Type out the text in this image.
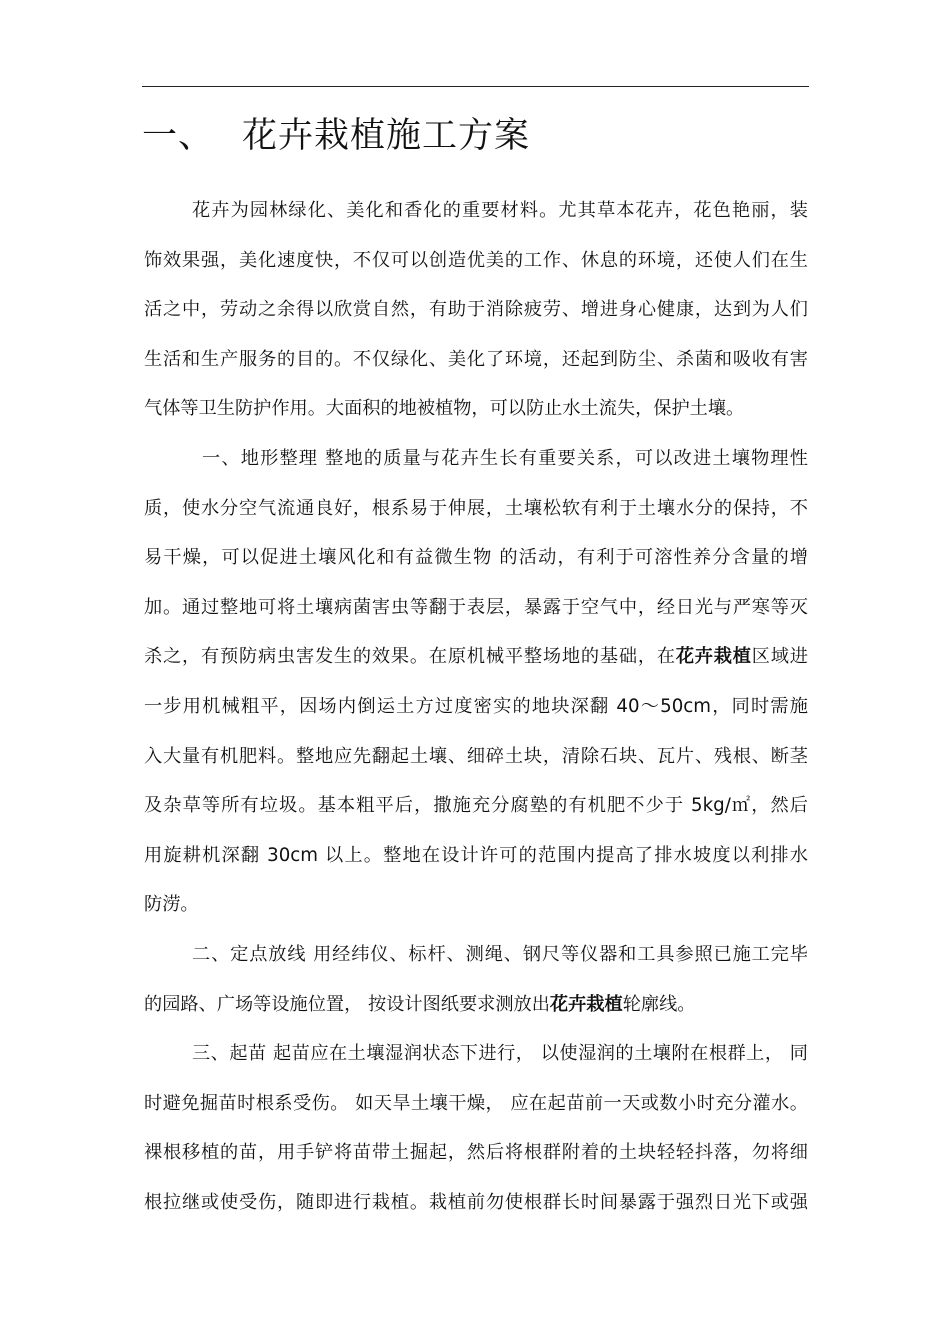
一、 花卉栽植施工方案
花卉为园林绿化、美化和香化的重要材料。尤其草本花卉，花色艳丽，装
饰效果强，美化速度快，不仅可以创造优美的工作、休息的环境，还使人们在生
活之中，劳动之余得以欣赏自然，有助于消除疲劳、增进身心健康，达到为人们
生活和生产服务的目的。不仅绿化、美化了环境，还起到防尘、杀菌和吸收有害
气体等卫生防护作用。大面积的地被植物，可以防止水土流失，保护土壤。
一、地形整理 整地的质量与花卉生长有重要关系，可以改进土壤物理性
质，使水分空气流通良好，根系易于伸展，土壤松软有利于土壤水分的保持，不
易干燥，可以促进土壤风化和有益微生物 的活动，有利于可溶性养分含量的增
加。通过整地可将土壤病菌害虫等翻于表层，暴露于空气中，经日光与严寒等灭
杀之，有预防病虫害发生的效果。在原机械平整场地的基础，在花卉栽植区域进
一步用机械粗平，因场内倒运土方过度密实的地块深翻 40～50cm，同时需施
入大量有机肥料。整地应先翻起土壤、细碎土块，清除石块、瓦片、残根、断茎
及杂草等所有垃圾。基本粗平后，撒施充分腐塾的有机肥不少于 5kg/㎡，然后
用旋耕机深翻 30cm 以上。整地在设计许可的范围内提高了排水坡度以利排水
防涝。
二、定点放线 用经纬仪、标杆、测绳、钢尺等仪器和工具参照已施工完毕
的园路、广场等设施位置， 按设计图纸要求测放出花卉栽植轮廓线。
三、起苗 起苗应在土壤湿润状态下进行， 以使湿润的土壤附在根群上， 同
时避免掘苗时根系受伤。 如天旱土壤干燥， 应在起苗前一天或数小时充分灌水。
裸根移植的苗，用手铲将苗带土掘起，然后将根群附着的土块轻轻抖落，勿将细
根拉继或使受伤，随即进行栽植。栽植前勿使根群长时间暴露于强烈日光下或强
